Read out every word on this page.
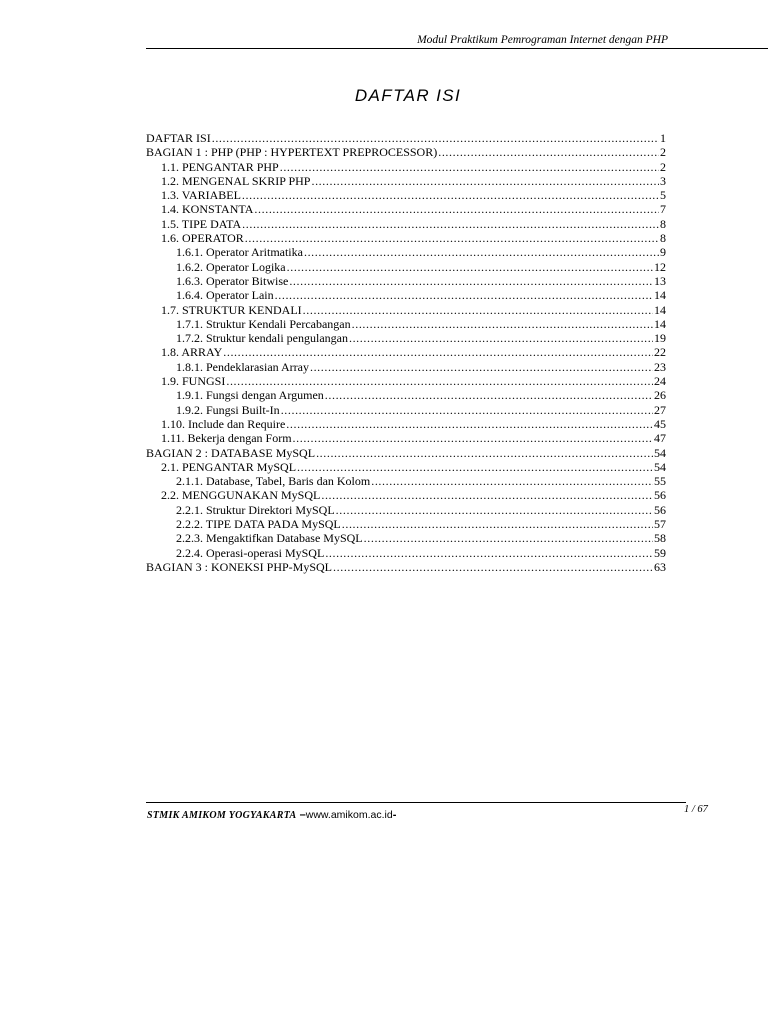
Modul Praktikum Pemrograman Internet dengan PHP
DAFTAR ISI
DAFTAR ISI .....	1
BAGIAN 1 : PHP (PHP : HYPERTEXT PREPROCESSOR) .....	2
1.1. PENGANTAR PHP .....	2
1.2. MENGENAL SKRIP PHP .....	3
1.3. VARIABEL .....	5
1.4. KONSTANTA .....	7
1.5. TIPE DATA .....	8
1.6. OPERATOR .....	8
1.6.1. Operator Aritmatika .....	9
1.6.2. Operator Logika .....	12
1.6.3. Operator Bitwise .....	13
1.6.4. Operator Lain .....	14
1.7. STRUKTUR KENDALI .....	14
1.7.1. Struktur Kendali Percabangan .....	14
1.7.2. Struktur kendali pengulangan .....	19
1.8. ARRAY .....	22
1.8.1. Pendeklarasian Array .....	23
1.9. FUNGSI .....	24
1.9.1. Fungsi dengan Argumen .....	26
1.9.2. Fungsi Built-In .....	27
1.10. Include dan Require .....	45
1.11. Bekerja dengan Form .....	47
BAGIAN 2 : DATABASE MySQL .....	54
2.1. PENGANTAR MySQL .....	54
2.1.1. Database, Tabel, Baris dan Kolom .....	55
2.2. MENGGUNAKAN MySQL .....	56
2.2.1. Struktur Direktori MySQL .....	56
2.2.2. TIPE DATA PADA MySQL .....	57
2.2.3. Mengaktifkan Database MySQL .....	58
2.2.4. Operasi-operasi MySQL .....	59
BAGIAN 3 : KONEKSI PHP-MySQL .....	63
STMIK AMIKOM YOGYAKARTA –www.amikom.ac.id-	1 / 67
